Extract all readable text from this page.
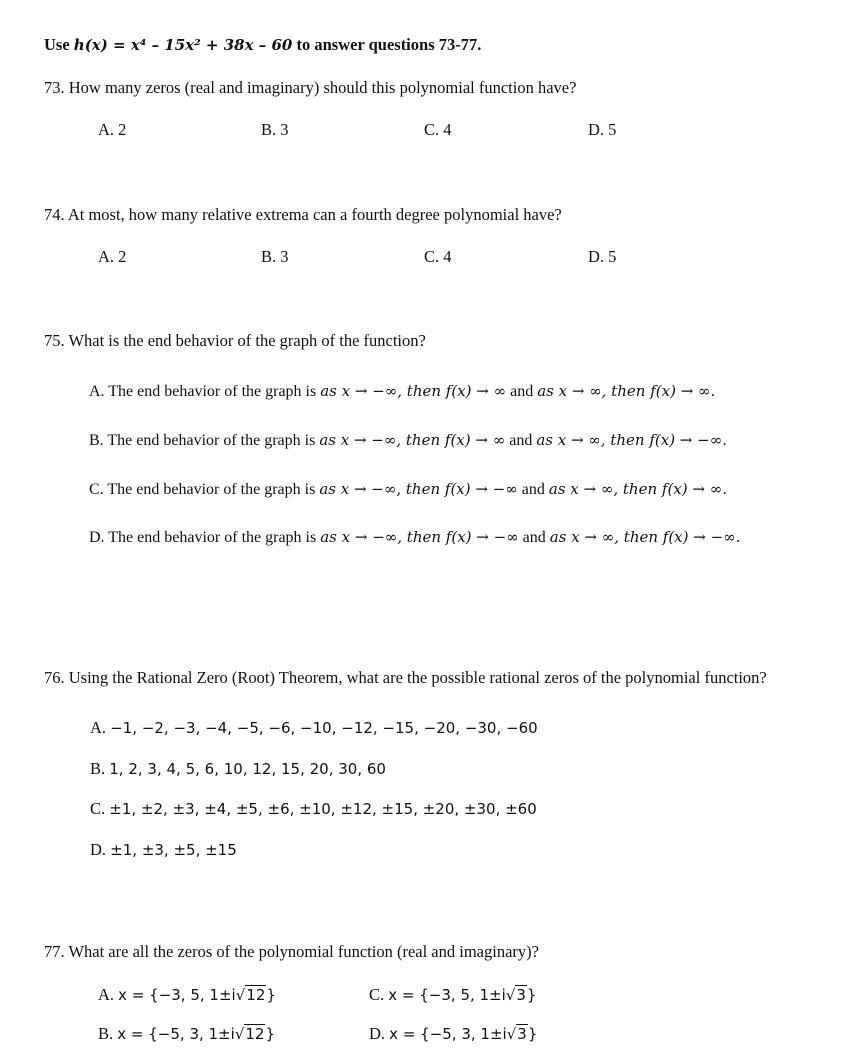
Use h(x) = x⁴ – 15x² + 38x – 60 to answer questions 73-77.
73. How many zeros (real and imaginary) should this polynomial function have?
A. 2	B. 3	C. 4	D. 5
74. At most, how many relative extrema can a fourth degree polynomial have?
A. 2	B. 3	C. 4	D. 5
75. What is the end behavior of the graph of the function?
A. The end behavior of the graph is as x → −∞, then f(x) → ∞ and as x → ∞, then f(x) → ∞.
B. The end behavior of the graph is as x → −∞, then f(x) → ∞ and as x → ∞, then f(x) → −∞.
C. The end behavior of the graph is as x → −∞, then f(x) → −∞ and as x → ∞, then f(x) → ∞.
D. The end behavior of the graph is as x → −∞, then f(x) → −∞ and as x → ∞, then f(x) → −∞.
76. Using the Rational Zero (Root) Theorem, what are the possible rational zeros of the polynomial function?
A. −1, −2, −3, −4, −5, −6, −10, −12, −15, −20, −30, −60
B. 1, 2, 3, 4, 5, 6, 10, 12, 15, 20, 30, 60
C. ±1, ±2, ±3, ±4, ±5, ±6, ±10, ±12, ±15, ±20, ±30, ±60
D. ±1, ±3, ±5, ±15
77. What are all the zeros of the polynomial function (real and imaginary)?
A. x = {−3, 5, 1±i√12}
B. x = {−5, 3, 1±i√12}
C. x = {−3, 5, 1±i√3}
D. x = {−5, 3, 1±i√3}
